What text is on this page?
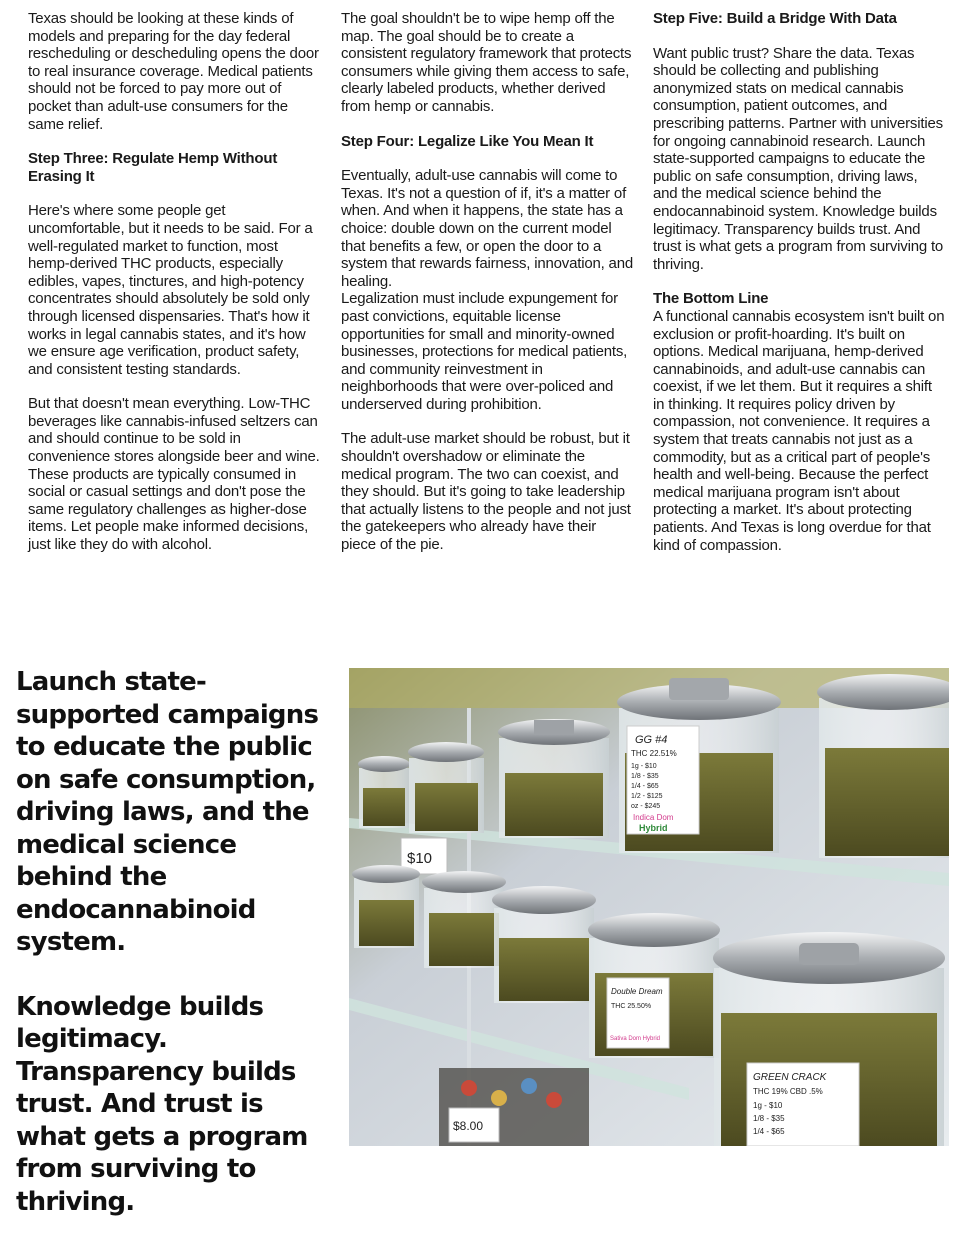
Texas should be looking at these kinds of models and preparing for the day federal rescheduling or descheduling opens the door to real insurance coverage. Medical patients should not be forced to pay more out of pocket than adult-use consumers for the same relief.

Step Three: Regulate Hemp Without Erasing It

Here's where some people get uncomfortable, but it needs to be said. For a well-regulated market to function, most hemp-derived THC products, especially edibles, vapes, tinctures, and high-potency concentrates should absolutely be sold only through licensed dispensaries. That's how it works in legal cannabis states, and it's how we ensure age verification, product safety, and consistent testing standards.

But that doesn't mean everything. Low-THC beverages like cannabis-infused seltzers can and should continue to be sold in convenience stores alongside beer and wine. These products are typically consumed in social or casual settings and don't pose the same regulatory challenges as higher-dose items. Let people make informed decisions, just like they do with alcohol.

The goal shouldn't be to wipe hemp off the map. The goal should be to create a consistent regulatory framework that protects consumers while giving them access to safe, clearly labeled products, whether derived from hemp or cannabis.

Step Four: Legalize Like You Mean It

Eventually, adult-use cannabis will come to Texas. It's not a question of if, it's a matter of when. And when it happens, the state has a choice: double down on the current model that benefits a few, or open the door to a system that rewards fairness, innovation, and healing.

Legalization must include expungement for past convictions, equitable license opportunities for small and minority-owned businesses, protections for medical patients, and community reinvestment in neighborhoods that were over-policed and underserved during prohibition.

The adult-use market should be robust, but it shouldn't overshadow or eliminate the medical program. The two can coexist, and they should. But it's going to take leadership that actually listens to the people and not just the gatekeepers who already have their piece of the pie.

Step Five: Build a Bridge With Data

Want public trust? Share the data. Texas should be collecting and publishing anonymized stats on medical cannabis consumption, patient outcomes, and prescribing patterns. Partner with universities for ongoing cannabinoid research. Launch state-supported campaigns to educate the public on safe consumption, driving laws, and the medical science behind the endocannabinoid system. Knowledge builds legitimacy. Transparency builds trust. And trust is what gets a program from surviving to thriving.

The Bottom Line

A functional cannabis ecosystem isn't built on exclusion or profit-hoarding. It's built on options. Medical marijuana, hemp-derived cannabinoids, and adult-use cannabis can coexist, if we let them. But it requires a shift in thinking. It requires policy driven by compassion, not convenience. It requires a system that treats cannabis not just as a commodity, but as a critical part of people's health and well-being. Because the perfect medical marijuana program isn't about protecting a market. It's about protecting patients. And Texas is long overdue for that kind of compassion.

Launch state-supported campaigns to educate the public on safe consumption, driving laws, and the medical science behind the endocannabinoid system.

Knowledge builds legitimacy. Transparency builds trust. And trust is what gets a program from surviving to thriving.

GG #4
THC 22.51%
1g - $10
1/8 - $35
1/4 - $65
1/2 - $125
oz - $245
Indica Dom
Hybrid
$10
Double Dream
THC 25.50%
Sativa Dom Hybrid
GREEN CRACK
THC 19% CBD .5%
1g - $10
1/8 - $35
1/4 - $65
$8.00
